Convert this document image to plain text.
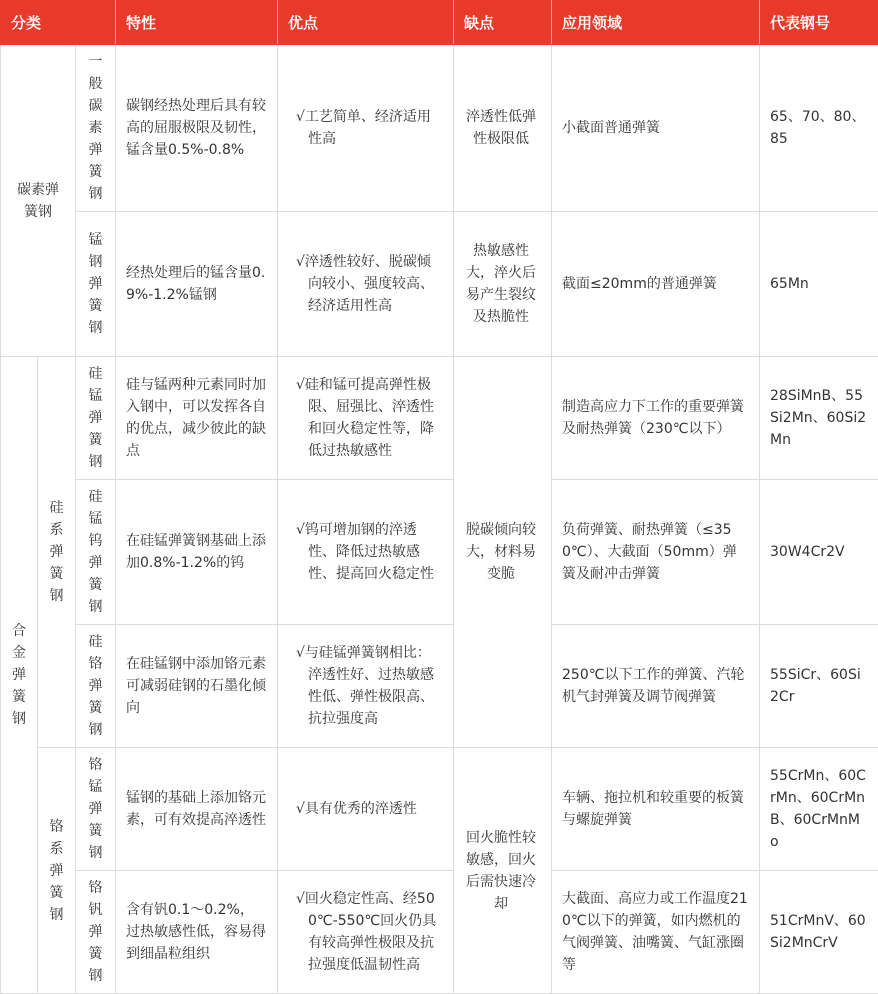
分类			特性	优点	缺点	应用领域	代表钢号
碳素弹簧钢		一般碳素弹簧钢	碳钢经热处理后具有较高的屈服极限及韧性，锰含量0.5%-0.8%	√工艺简单、经济适用性高	淬透性低弹性极限低	小截面普通弹簧	65、70、80、85
		锰钢弹簧钢	经热处理后的锰含量0.9%-1.2%锰钢	√淬透性较好、脱碳倾向较小、强度较高、经济适用性高	热敏感性大，淬火后易产生裂纹及热脆性	截面≤20mm的普通弹簧	65Mn
合金弹簧钢	硅系弹簧钢	硅锰弹簧钢	硅与锰两种元素同时加入钢中，可以发挥各自的优点，减少彼此的缺点	√硅和锰可提高弹性极限、屈强比、淬透性和回火稳定性等，降低过热敏感性	脱碳倾向较大，材料易变脆	制造高应力下工作的重要弹簧及耐热弹簧（230℃以下）	28SiMnB、55Si2Mn、60Si2Mn
		硅锰钨弹簧钢	在硅锰弹簧钢基础上添加0.8%-1.2%的钨	√钨可增加钢的淬透性、降低过热敏感性、提高回火稳定性		负荷弹簧、耐热弹簧（≤350℃）、大截面（50mm）弹簧及耐冲击弹簧	30W4Cr2V
		硅铬弹簧钢	在硅锰钢中添加铬元素可减弱硅钢的石墨化倾向	√与硅锰弹簧钢相比：淬透性好、过热敏感性低、弹性极限高、抗拉强度高		250℃以下工作的弹簧、汽轮机气封弹簧及调节阀弹簧	55SiCr、60Si2Cr
	铬系弹簧钢	铬锰弹簧钢	锰钢的基础上添加铬元素，可有效提高淬透性	√具有优秀的淬透性	回火脆性较敏感，回火后需快速冷却	车辆、拖拉机和较重要的板簧与螺旋弹簧	55CrMn、60CrMn、60CrMnB、60CrMnMo
		铬钒弹簧钢	含有钒0.1～0.2%，过热敏感性低，容易得到细晶粒组织	√回火稳定性高、经500℃-550℃回火仍具有较高弹性极限及抗拉强度低温韧性高		大截面、高应力或工作温度210℃以下的弹簧，如内燃机的气阀弹簧、油嘴簧、气缸涨圈等	51CrMnV、60Si2MnCrV
